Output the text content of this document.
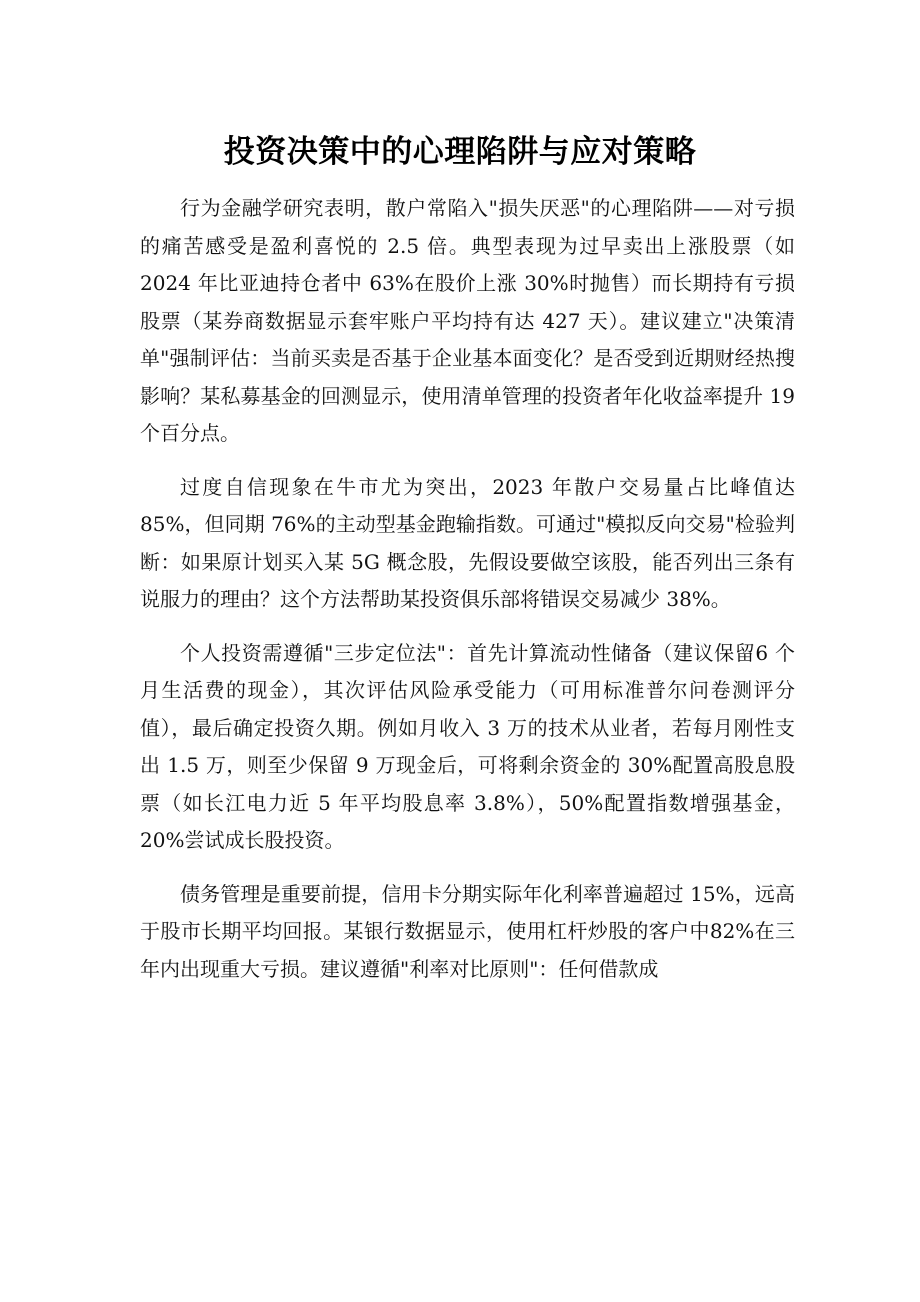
投资决策中的心理陷阱与应对策略

行为金融学研究表明，散户常陷入"损失厌恶"的心理陷阱——对亏损的痛苦感受是盈利喜悦的 2.5 倍。典型表现为过早卖出上涨股票（如 2024 年比亚迪持仓者中 63%在股价上涨 30%时抛售）而长期持有亏损股票（某券商数据显示套牢账户平均持有达 427 天）。建议建立"决策清单"强制评估：当前买卖是否基于企业基本面变化？是否受到近期财经热搜影响？某私募基金的回测显示，使用清单管理的投资者年化收益率提升 19 个百分点。

过度自信现象在牛市尤为突出，2023 年散户交易量占比峰值达85%，但同期 76%的主动型基金跑输指数。可通过"模拟反向交易"检验判断：如果原计划买入某 5G 概念股，先假设要做空该股，能否列出三条有说服力的理由？这个方法帮助某投资俱乐部将错误交易减少 38%。

个人投资需遵循"三步定位法"：首先计算流动性储备（建议保留6 个月生活费的现金），其次评估风险承受能力（可用标准普尔问卷测评分值），最后确定投资久期。例如月收入 3 万的技术从业者，若每月刚性支出 1.5 万，则至少保留 9 万现金后，可将剩余资金的 30%配置高股息股票（如长江电力近 5 年平均股息率 3.8%），50%配置指数增强基金，20%尝试成长股投资。

债务管理是重要前提，信用卡分期实际年化利率普遍超过 15%，远高于股市长期平均回报。某银行数据显示，使用杠杆炒股的客户中82%在三年内出现重大亏损。建议遵循"利率对比原则"：任何借款成
